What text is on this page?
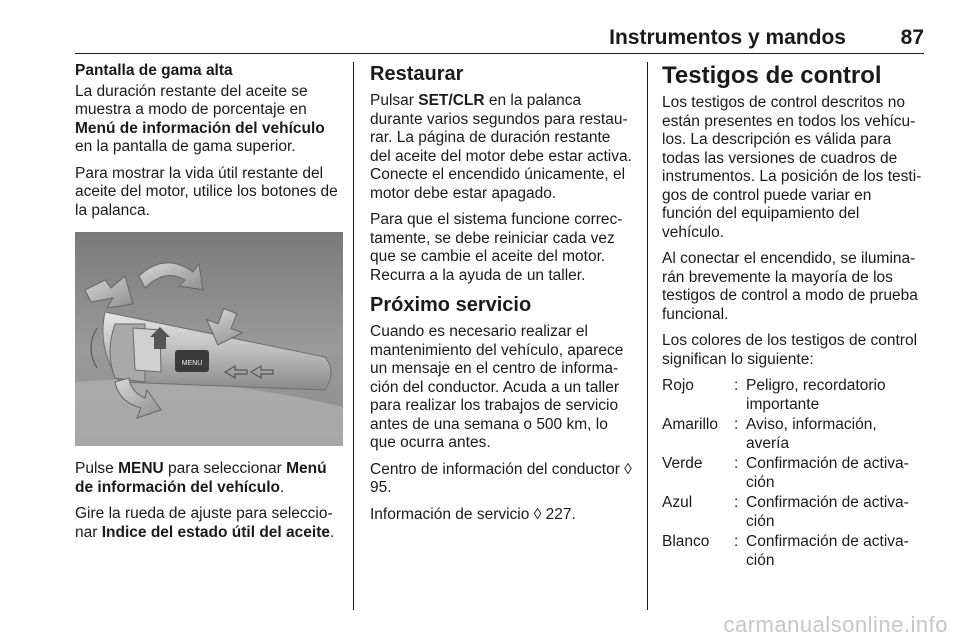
Instrumentos y mandos	87
Pantalla de gama alta

La duración restante del aceite se muestra a modo de porcentaje en Menú de información del vehículo en la pantalla de gama superior.

Para mostrar la vida útil restante del aceite del motor, utilice los botones de la palanca.

MENU

Pulse MENU para seleccionar Menú de información del vehículo.

Gire la rueda de ajuste para seleccio-nar Indice del estado útil del aceite.

Restaurar

Pulsar SET/CLR en la palanca durante varios segundos para restau-rar. La página de duración restante del aceite del motor debe estar activa. Conecte el encendido únicamente, el motor debe estar apagado.

Para que el sistema funcione correc-tamente, se debe reiniciar cada vez que se cambie el aceite del motor. Recurra a la ayuda de un taller.

Próximo servicio

Cuando es necesario realizar el mantenimiento del vehículo, aparece un mensaje en el centro de informa-ción del conductor. Acuda a un taller para realizar los trabajos de servicio antes de una semana o 500 km, lo que ocurra antes.

Centro de información del conductor ◊ 95.

Información de servicio ◊ 227.

Testigos de control

Los testigos de control descritos no están presentes en todos los vehícu-los. La descripción es válida para todas las versiones de cuadros de instrumentos. La posición de los testi-gos de control puede variar en función del equipamiento del vehículo.

Al conectar el encendido, se ilumina-rán brevemente la mayoría de los testigos de control a modo de prueba funcional.

Los colores de los testigos de control significan lo siguiente:

Rojo	: Peligro, recordatorio importante
Amarillo	: Aviso, información, avería
Verde	: Confirmación de activa-ción
Azul	: Confirmación de activa-ción
Blanco	: Confirmación de activa-ción
carmanualsonline.info
